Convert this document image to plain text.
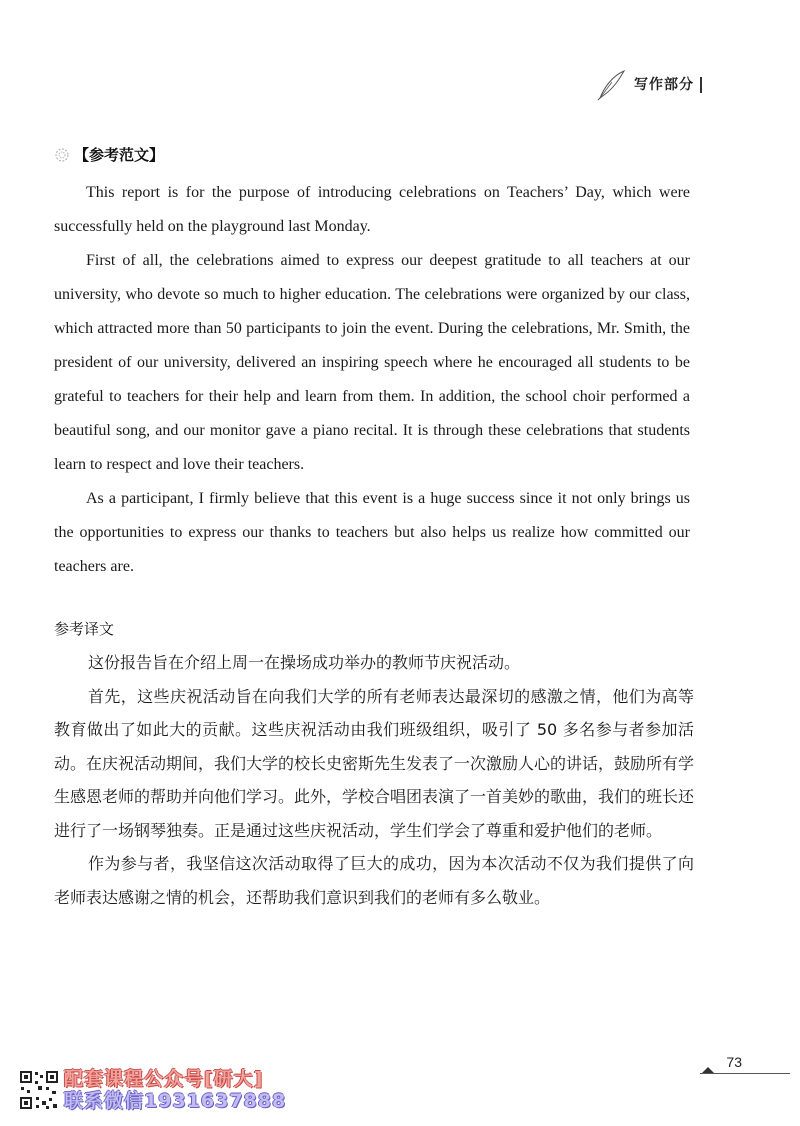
写作部分
【参考范文】

This report is for the purpose of introducing celebrations on Teachers’ Day, which were successfully held on the playground last Monday.

First of all, the celebrations aimed to express our deepest gratitude to all teachers at our university, who devote so much to higher education. The celebrations were organized by our class, which attracted more than 50 participants to join the event. During the celebrations, Mr. Smith, the president of our university, delivered an inspiring speech where he encouraged all students to be grateful to teachers for their help and learn from them. In addition, the school choir performed a beautiful song, and our monitor gave a piano recital. It is through these celebrations that students learn to respect and love their teachers.

As a participant, I firmly believe that this event is a huge success since it not only brings us the opportunities to express our thanks to teachers but also helps us realize how committed our teachers are.

参考译文

这份报告旨在介绍上周一在操场成功举办的教师节庆祝活动。

首先，这些庆祝活动旨在向我们大学的所有老师表达最深切的感激之情，他们为高等教育做出了如此大的贡献。这些庆祝活动由我们班级组织，吸引了 50 多名参与者参加活动。在庆祝活动期间，我们大学的校长史密斯先生发表了一次激励人心的讲话，鼓励所有学生感恩老师的帮助并向他们学习。此外，学校合唱团表演了一首美妙的歌曲，我们的班长还进行了一场钢琴独奏。正是通过这些庆祝活动，学生们学会了尊重和爱护他们的老师。

作为参与者，我坚信这次活动取得了巨大的成功，因为本次活动不仅为我们提供了向老师表达感谢之情的机会，还帮助我们意识到我们的老师有多么敬业。

73
配套课程公众号[研大]
联系微信1931637888
